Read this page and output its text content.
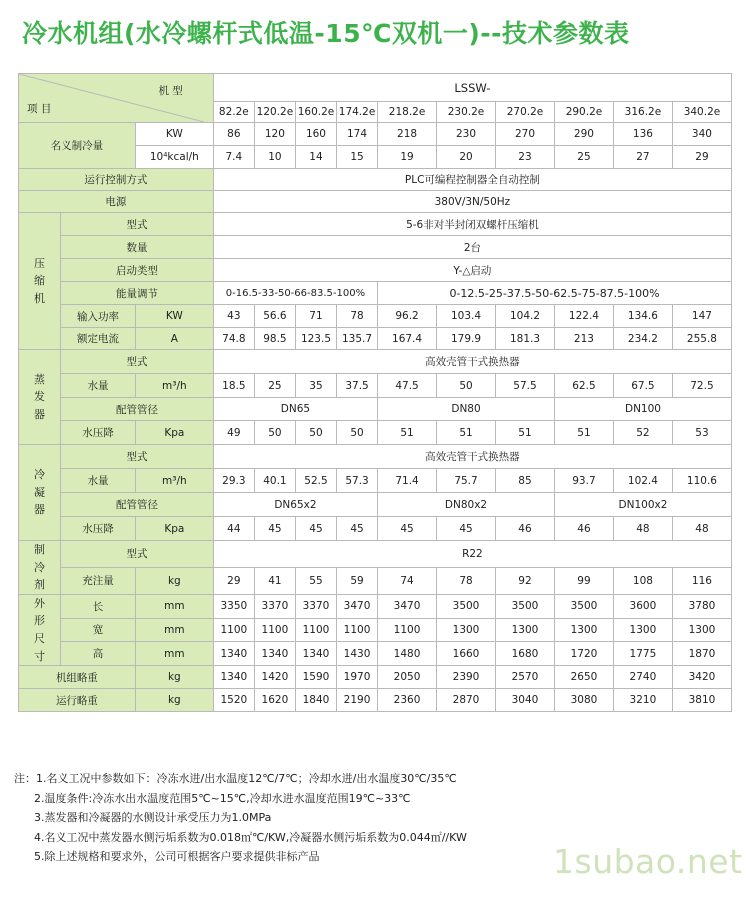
冷水机组(水冷螺杆式低温-15℃双机一)--技术参数表
项 目
机 型			LSSW-									
			82.2e	120.2e	160.2e	174.2e	218.2e	230.2e	270.2e	290.2e	316.2e	340.2e
名义制冷量		KW	86	120	160	174	218	230	270	290	136	340
		10⁴kcal/h	7.4	10	14	15	19	20	23	25	27	29
运行控制方式			PLC可编程控制器全自动控制									
电源			380V/3N/50Hz									

压
缩
机	型式		5-6非对半封闭双螺杆压缩机									
	数量		2台									
	启动类型		Y-△启动									
	能量调节		0-16.5-33-50-66-83.5-100%				0-12.5-25-37.5-50-62.5-75-87.5-100%					
	输入功率	KW	43	56.6	71	78	96.2	103.4	104.2	122.4	134.6	147
	额定电流	A	74.8	98.5	123.5	135.7	167.4	179.9	181.3	213	234.2	255.8

蒸
发
器	型式		高效壳管干式换热器									
	水量	m³/h	18.5	25	35	37.5	47.5	50	57.5	62.5	67.5	72.5
	配管管径		DN65				DN80			DN100		
	水压降	Kpa	49	50	50	50	51	51	51	51	52	53

冷
凝
器	型式		高效壳管干式换热器									
	水量	m³/h	29.3	40.1	52.5	57.3	71.4	75.7	85	93.7	102.4	110.6
	配管管径		DN65x2				DN80x2			DN100x2		
	水压降	Kpa	44	45	45	45	45	45	46	46	48	48

制
冷
剂	型式		R22									
	充注量	kg	29	41	55	59	74	78	92	99	108	116

外
形
尺
寸	长	mm	3350	3370	3370	3470	3470	3500	3500	3500	3600	3780
	宽	mm	1100	1100	1100	1100	1100	1300	1300	1300	1300	1300
	高	mm	1340	1340	1340	1430	1480	1660	1680	1720	1775	1870
机组略重		kg	1340	1420	1590	1970	2050	2390	2570	2650	2740	3420
运行略重		kg	1520	1620	1840	2190	2360	2870	3040	3080	3210	3810
注：1.名义工况中参数如下：冷冻水进/出水温度12℃/7℃；冷却水进/出水温度30℃/35℃
2.温度条件:冷冻水出水温度范围5℃~15℃,冷却水进水温度范围19℃~33℃
3.蒸发器和冷凝器的水侧设计承受压力为1.0MPa
4.名义工况中蒸发器水侧污垢系数为0.018㎡℃/KW,冷凝器水侧污垢系数为0.044㎡//KW
5.除上述规格和要求外，公司可根据客户要求提供非标产品	1subao.net
